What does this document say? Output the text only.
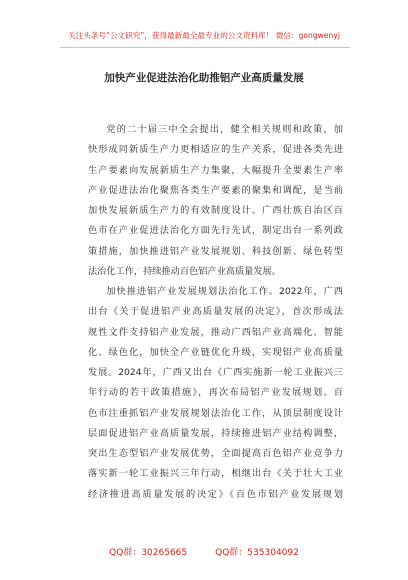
关注头条号“公文研究”，获得最新最全最专业的公文资料库！ 微信：gongwenyj
加快产业促进法治化助推铝产业高质量发展
党的二十届三中全会提出，健全相关规则和政策，加
快形成同新质生产力更相适应的生产关系，促进各类先进
生产要素向发展新质生产力集聚，大幅提升全要素生产率
产业促进法治化聚焦各类生产要素的聚集和调配，是当前
加快发展新质生产力的有效制度设计。广西壮族自治区百
色市在产业促进法治化方面先行先试，制定出台一系列政
策措施，加快推进铝产业发展规划、科技创新、绿色转型
法治化工作，持续推动百色铝产业高质量发展。
加快推进铝产业发展规划法治化工作。2022年，广西
出台《关于促进铝产业高质量发展的决定》，首次形成法
规性文件支持铝产业发展，推动广西铝产业高端化、智能
化、绿色化，加快全产业链优化升级，实现铝产业高质量
发展。2024年，广西又出台《广西实施新一轮工业振兴三
年行动的若干政策措施》，再次布局铝产业发展规划。百
色市注重抓铝产业发展规划法治化工作，从顶层制度设计
层面促进铝产业高质量发展，持续推进铝产业结构调整，
突出生态型铝产业发展优势，全面提高百色铝产业竞争力
落实新一轮工业振兴三年行动，相继出台《关于壮大工业
经济推进高质量发展的决定》《百色市铝产业发展规划
QQ群：30265665	QQ群：535304092
